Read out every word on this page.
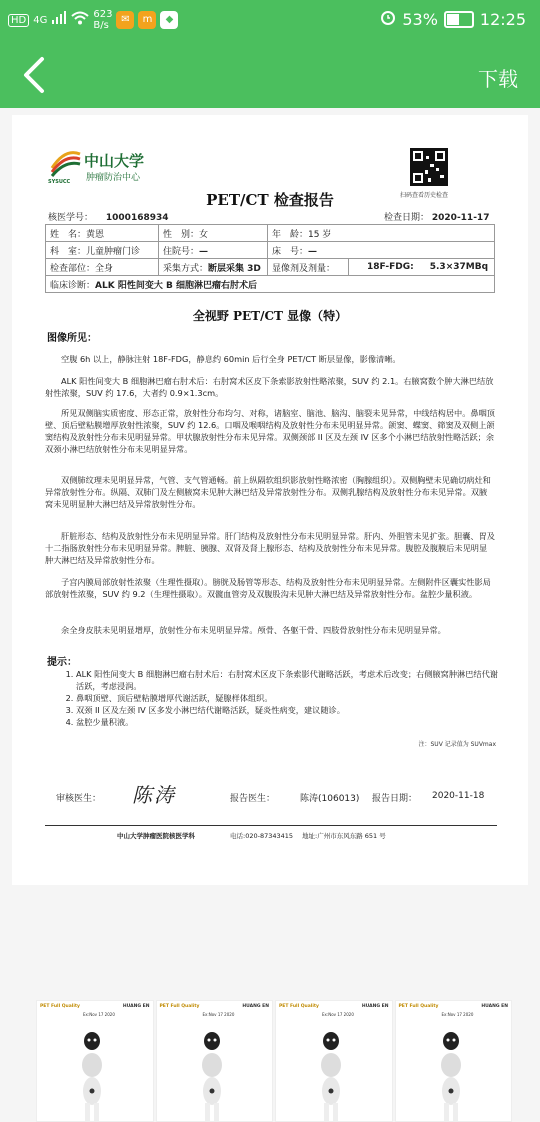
HD 4G	623
B/s
✉	m	◆	53%	12:25
下载
中山大学
肿瘤防治中心
SYSUCC
扫码查看历史检查
PET/CT 检查报告
核医学号： 1000168934	检查日期： 2020-11-17
姓　名：黄恩	性　别：女	年　龄：15 岁	
科　室：儿童肿瘤门诊	住院号：—	床　号：—	
检查部位：全身	采集方式：断层采集 3D	显像剂及剂量：	18F-FDG: 5.3×37MBq
临床诊断：ALK 阳性间变大 B 细胞淋巴瘤右肘术后			
全视野 PET/CT 显像（特）
图像所见：

空腹 6h 以上，静脉注射 18F-FDG，静息约 60min 后行全身 PET/CT 断层显像，影像清晰。

ALK 阳性间变大 B 细胞淋巴瘤右肘术后：右肘窝术区皮下条索影放射性略浓聚，SUV 约 2.1。右腋窝数个肿大淋巴结放射性浓聚，SUV 约 17.6，大者约 0.9×1.3cm。

所见双侧脑实质密度、形态正常，放射性分布均匀、对称，诸脑室、脑池、脑沟、脑裂未见异常，中线结构居中。鼻咽顶壁、顶后壁粘膜增厚放射性浓聚，SUV 约 12.6。口咽及喉咽结构及放射性分布未见明显异常。颌窦、蝶窦、筛窦及双侧上颌窦结构及放射性分布未见明显异常。甲状腺放射性分布未见异常。双侧颈部 II 区及左颈 IV 区多个小淋巴结放射性略活跃；余双颈小淋巴结放射性分布未见明显异常。

双侧肺纹理未见明显异常，气管、支气管通畅。前上纵隔软组织影放射性略浓密（胸腺组织）。双侧胸壁未见确切病灶和异常放射性分布。纵隔、双肺门及左侧腋窝未见肿大淋巴结及异常放射性分布。双侧乳腺结构及放射性分布未见异常。双腋窝未见明显肿大淋巴结及异常放射性分布。

肝脏形态、结构及放射性分布未见明显异常。肝门结构及放射性分布未见明显异常。肝内、外胆管未见扩张。胆囊、胃及十二指肠放射性分布未见明显异常。脾脏、胰腺、双肾及肾上腺形态、结构及放射性分布未见异常。腹腔及腹膜后未见明显肿大淋巴结及异常放射性分布。

子宫内膜局部放射性浓聚（生理性摄取）。膀胱及肠管等形态、结构及放射性分布未见明显异常。左侧附件区囊实性影局部放射性浓聚，SUV 约 9.2（生理性摄取）。双髋血管旁及双腹股沟未见肿大淋巴结及异常放射性分布。盆腔少量积液。

余全身皮肤未见明显增厚，放射性分布未见明显异常。颅骨、各躯干骨、四肢骨放射性分布未见明显异常。

提示：
1. ALK 阳性间变大 B 细胞淋巴瘤右肘术后：右肘窝术区皮下条索影代谢略活跃，考虑术后改变；右侧腋窝肿淋巴结代谢活跃，考虑浸润。
2. 鼻咽顶壁、顶后壁粘膜增厚代谢活跃，疑腺样体组织。
3. 双颈 II 区及左颈 IV 区多发小淋巴结代谢略活跃，疑炎性病变，建议随诊。
4. 盆腔少量积液。
注：SUV 记录值为 SUVmax
审核医生： 陈涛	报告医生：	陈涛(106013) 报告日期： 2020-11-18
中山大学肿瘤医院核医学科	电话:020-87343415 地址:广州市东风东路 651 号
PET Full Quality	HUANG EN
Ex:Nov 17 2020
PET Full Quality	HUANG EN
Ex:Nov 17 2020
PET Full Quality	HUANG EN
Ex:Nov 17 2020
PET Full Quality	HUANG EN
Ex:Nov 17 2020
